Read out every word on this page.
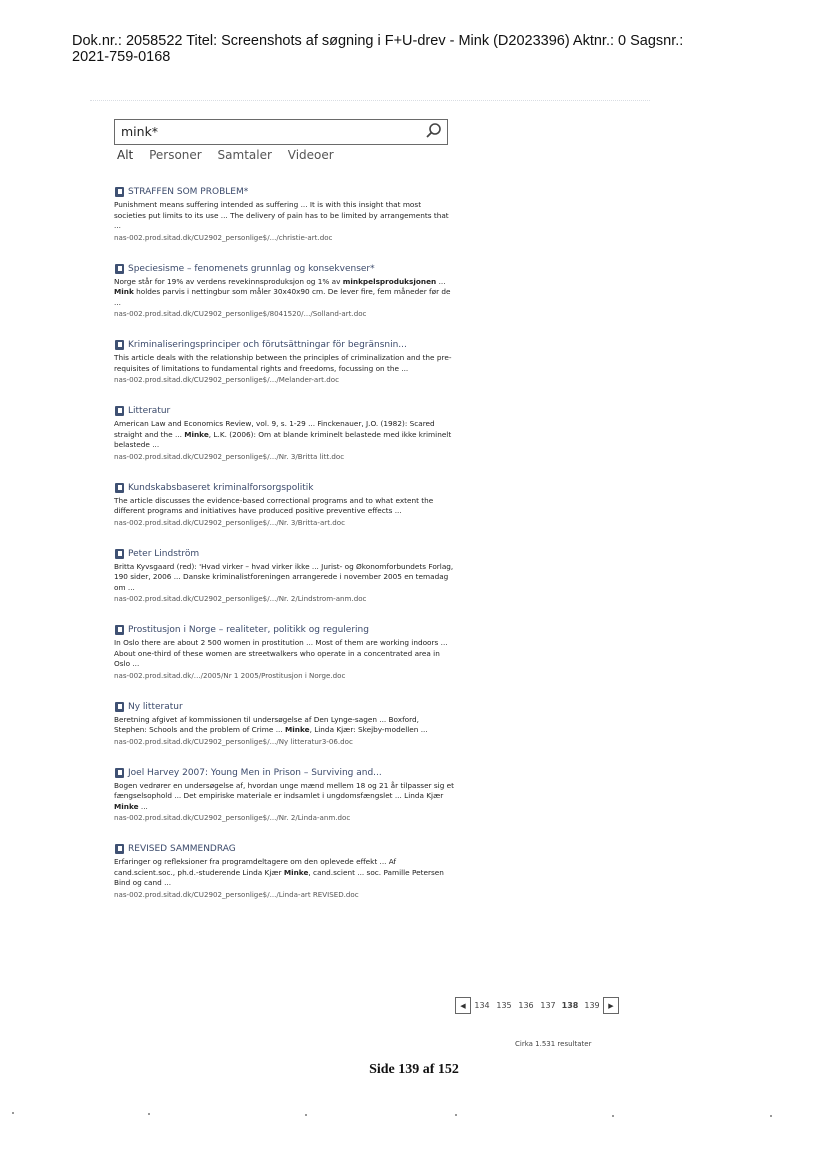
Dok.nr.: 2058522 Titel: Screenshots af søgning i F+U-drev - Mink (D2023396) Aktnr.: 0 Sagsnr.:
2021-759-0168
mink*
Alt Personer Samtaler Videoer
STRAFFEN SOM PROBLEM*
Punishment means suffering intended as suffering ... It is with this insight that most societies put limits to its use ... The delivery of pain has to be limited by arrangements that ...
nas-002.prod.sitad.dk/CU2902_personlige$/.../christie-art.doc
Speciesisme – fenomenets grunnlag og konsekvenser*
Norge står for 19% av verdens revekinnsproduksjon og 1% av minkpelsproduksjonen ... Mink holdes parvis i nettingbur som måler 30x40x90 cm. De lever fire, fem måneder før de ...
nas-002.prod.sitad.dk/CU2902_personlige$/8041520/.../Solland-art.doc
Kriminaliseringsprinciper och förutsättningar för begränsnin...
This article deals with the relationship between the principles of criminalization and the pre-requisites of limitations to fundamental rights and freedoms, focussing on the ...
nas-002.prod.sitad.dk/CU2902_personlige$/.../Melander-art.doc
Litteratur
American Law and Economics Review, vol. 9, s. 1-29 ... Finckenauer, J.O. (1982): Scared straight and the ... Minke, L.K. (2006): Om at blande kriminelt belastede med ikke kriminelt belastede ...
nas-002.prod.sitad.dk/CU2902_personlige$/.../Nr. 3/Britta litt.doc
Kundskabsbaseret kriminalforsorgspolitik
The article discusses the evidence-based correctional programs and to what extent the different programs and initiatives have produced positive preventive effects ...
nas-002.prod.sitad.dk/CU2902_personlige$/.../Nr. 3/Britta-art.doc
Peter Lindström
Britta Kyvsgaard (red): 'Hvad virker – hvad virker ikke ... Jurist- og Økonomforbundets Forlag, 190 sider, 2006 ... Danske kriminalistforeningen arrangerede i november 2005 en temadag om ...
nas-002.prod.sitad.dk/CU2902_personlige$/.../Nr. 2/Lindstrom-anm.doc
Prostitusjon i Norge – realiteter, politikk og regulering
In Oslo there are about 2 500 women in prostitution ... Most of them are working indoors ... About one-third of these women are streetwalkers who operate in a concentrated area in Oslo ...
nas-002.prod.sitad.dk/.../2005/Nr 1 2005/Prostitusjon i Norge.doc
Ny litteratur
Beretning afgivet af kommissionen til undersøgelse af Den Lynge-sagen ... Boxford, Stephen: Schools and the problem of Crime ... Minke, Linda Kjær: Skejby-modellen ...
nas-002.prod.sitad.dk/CU2902_personlige$/.../Ny litteratur3-06.doc
Joel Harvey 2007: Young Men in Prison – Surviving and...
Bogen vedrører en undersøgelse af, hvordan unge mænd mellem 18 og 21 år tilpasser sig et fængselsophold ... Det empiriske materiale er indsamlet i ungdomsfængslet ... Linda Kjær Minke ...
nas-002.prod.sitad.dk/CU2902_personlige$/.../Nr. 2/Linda-anm.doc
REVISED SAMMENDRAG
Erfaringer og refleksioner fra programdeltagere om den oplevede effekt ... Af cand.scient.soc., ph.d.-studerende Linda Kjær Minke, cand.scient ... soc. Pamille Petersen Bind og cand ...
nas-002.prod.sitad.dk/CU2902_personlige$/.../Linda-art REVISED.doc
◀	134 135 136 137 138 139	▶
Cirka 1.531 resultater
Side 139 af 152
